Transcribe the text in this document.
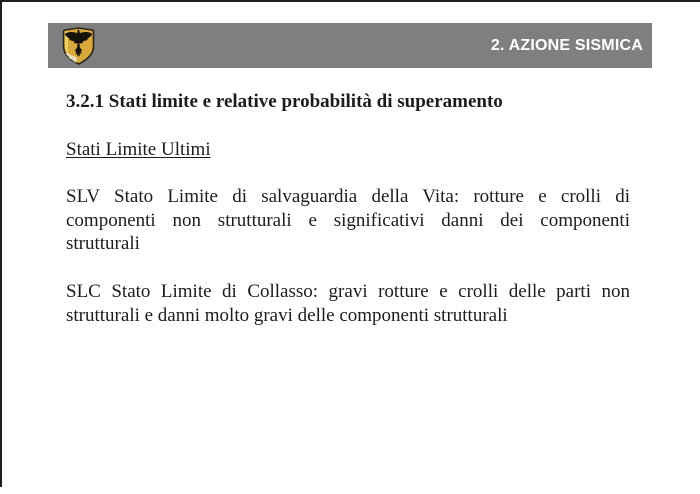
2. AZIONE SISMICA
3.2.1 Stati limite e relative probabilità di superamento
Stati Limite Ultimi
SLV Stato Limite di salvaguardia della Vita: rotture e crolli di
componenti non strutturali e significativi danni dei componenti
strutturali
SLC Stato Limite di Collasso: gravi rotture e crolli delle parti non
strutturali e danni molto gravi delle componenti strutturali
